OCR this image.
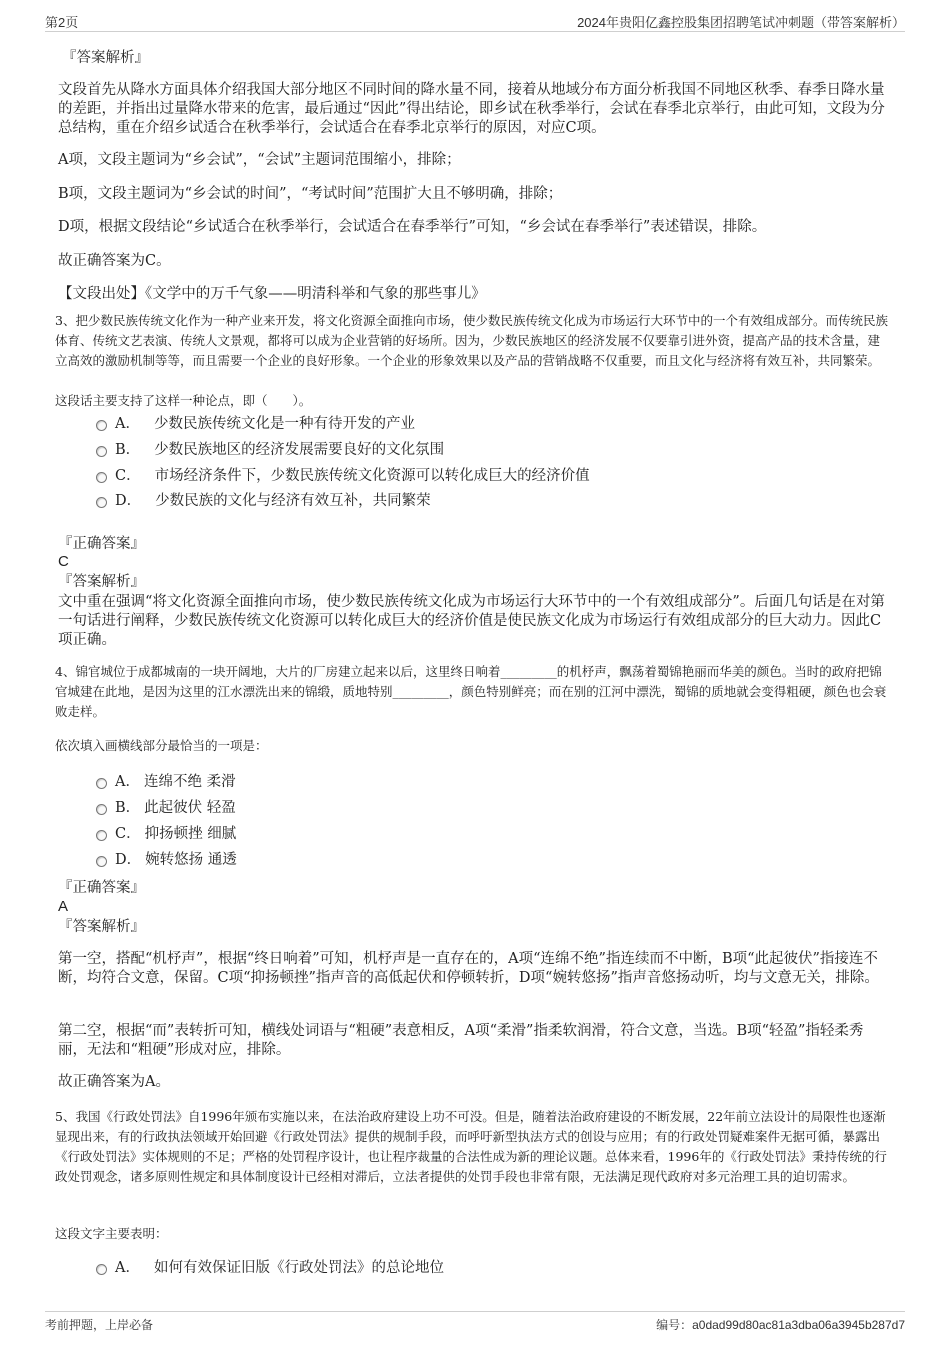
第2页	2024年贵阳亿鑫控股集团招聘笔试冲刺题（带答案解析）
『答案解析』
文段首先从降水方面具体介绍我国大部分地区不同时间的降水量不同，接着从地域分布方面分析我国不同地区秋季、春季日降水量的差距，并指出过量降水带来的危害，最后通过“因此”得出结论，即乡试在秋季举行，会试在春季北京举行，由此可知，文段为分总结构，重在介绍乡试适合在秋季举行，会试适合在春季北京举行的原因，对应C项。
A项，文段主题词为“乡会试”，“会试”主题词范围缩小，排除；
B项，文段主题词为“乡会试的时间”，“考试时间”范围扩大且不够明确，排除；
D项，根据文段结论“乡试适合在秋季举行，会试适合在春季举行”可知，“乡会试在春季举行”表述错误，排除。
故正确答案为C。
【文段出处】《文学中的万千气象——明清科举和气象的那些事儿》
3、把少数民族传统文化作为一种产业来开发，将文化资源全面推向市场，使少数民族传统文化成为市场运行大环节中的一个有效组成部分。而传统民族体育、传统文艺表演、传统人文景观，都将可以成为企业营销的好场所。因为，少数民族地区的经济发展不仅要靠引进外资，提高产品的技术含量，建立高效的激励机制等等，而且需要一个企业的良好形象。一个企业的形象效果以及产品的营销战略不仅重要，而且文化与经济将有效互补，共同繁荣。
这段话主要支持了这样一种论点，即（　　）。
A． 少数民族传统文化是一种有待开发的产业
B． 少数民族地区的经济发展需要良好的文化氛围
C． 市场经济条件下，少数民族传统文化资源可以转化成巨大的经济价值
D． 少数民族的文化与经济有效互补，共同繁荣
『正确答案』
C
『答案解析』
文中重在强调“将文化资源全面推向市场，使少数民族传统文化成为市场运行大环节中的一个有效组成部分”。后面几句话是在对第一句话进行阐释，少数民族传统文化资源可以转化成巨大的经济价值是使民族文化成为市场运行有效组成部分的巨大动力。因此C项正确。
4、锦官城位于成都城南的一块开阔地，大片的厂房建立起来以后，这里终日响着_________的机杼声，飘荡着蜀锦艳丽而华美的颜色。当时的政府把锦官城建在此地，是因为这里的江水漂洗出来的锦缎，质地特别_________，颜色特别鲜亮；而在别的江河中漂洗，蜀锦的质地就会变得粗硬，颜色也会衰败走样。
依次填入画横线部分最恰当的一项是：
A． 连绵不绝 柔滑
B． 此起彼伏 轻盈
C． 抑扬顿挫 细腻
D． 婉转悠扬 通透
『正确答案』
A
『答案解析』
第一空，搭配“机杼声”，根据“终日响着”可知，机杼声是一直存在的，A项“连绵不绝”指连续而不中断，B项“此起彼伏”指接连不断，均符合文意，保留。C项“抑扬顿挫”指声音的高低起伏和停顿转折，D项“婉转悠扬”指声音悠扬动听，均与文意无关，排除。
第二空，根据“而”表转折可知，横线处词语与“粗硬”表意相反，A项“柔滑”指柔软润滑，符合文意，当选。B项“轻盈”指轻柔秀丽，无法和“粗硬”形成对应，排除。
故正确答案为A。
5、我国《行政处罚法》自1996年颁布实施以来，在法治政府建设上功不可没。但是，随着法治政府建设的不断发展，22年前立法设计的局限性也逐渐显现出来，有的行政执法领域开始回避《行政处罚法》提供的规制手段，而呼吁新型执法方式的创设与应用；有的行政处罚疑难案件无据可循，暴露出《行政处罚法》实体规则的不足；严格的处罚程序设计，也让程序裁量的合法性成为新的理论议题。总体来看，1996年的《行政处罚法》秉持传统的行政处罚观念，诸多原则性规定和具体制度设计已经相对滞后，立法者提供的处罚手段也非常有限，无法满足现代政府对多元治理工具的迫切需求。
这段文字主要表明：
A． 如何有效保证旧版《行政处罚法》的总论地位
考前押题，上岸必备	编号：a0dad99d80ac81a3dba06a3945b287d7
